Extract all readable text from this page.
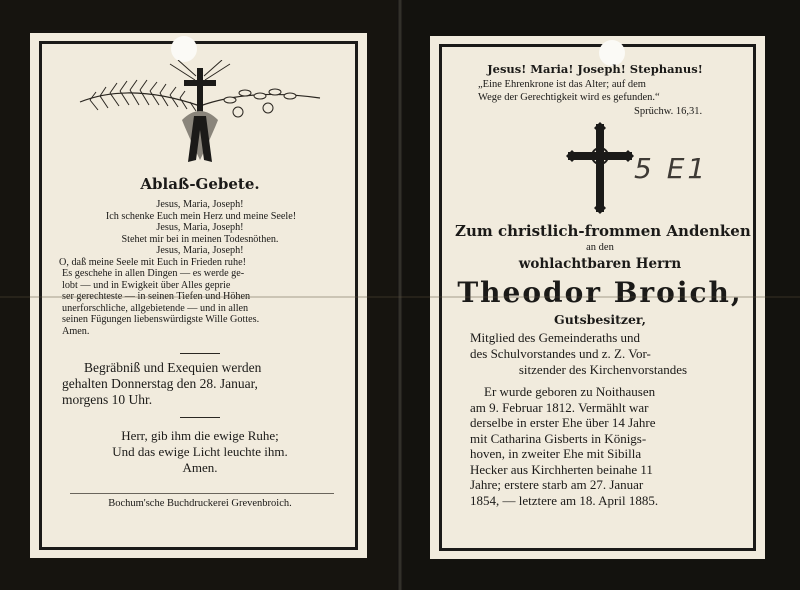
Ablaß-Gebete.
Jesus, Maria, Joseph!
Ich schenke Euch mein Herz und meine Seele!
Jesus, Maria, Joseph!
Stehet mir bei in meinen Todesnöthen.
Jesus, Maria, Joseph!
O, daß meine Seele mit Euch in Frieden ruhe!
Es geschehe in allen Dingen — es werde ge-
lobt — und in Ewigkeit über Alles geprie
ser gerechteste — in seinen Tiefen und Höhen
unerforschliche, allgebietende — und in allen
seinen Fügungen liebenswürdigste Wille Gottes.
Amen.
Begräbniß und Exequien werden
gehalten Donnerstag den 28. Januar,
morgens 10 Uhr.
Herr, gib ihm die ewige Ruhe;
Und das ewige Licht leuchte ihm.
Amen.
Bochum'sche Buchdruckerei Grevenbroich.
Jesus! Maria! Joseph! Stephanus!
„Eine Ehrenkrone ist das Alter; auf dem
Wege der Gerechtigkeit wird es gefunden.“
Sprüchw. 16,31.
5 E1
Zum christlich-frommen Andenken
an den
wohlachtbaren Herrn
Theodor Broich,
Gutsbesitzer,
Mitglied des Gemeinderaths und
des Schulvorstandes und z. Z. Vor-
sitzender des Kirchenvorstandes
Er wurde geboren zu Noithausen
am 9. Februar 1812. Vermählt war
derselbe in erster Ehe über 14 Jahre
mit Catharina Gisberts in Königs-
hoven, in zweiter Ehe mit Sibilla
Hecker aus Kirchherten beinahe 11
Jahre; erstere starb am 27. Januar
1854, — letztere am 18. April 1885.
